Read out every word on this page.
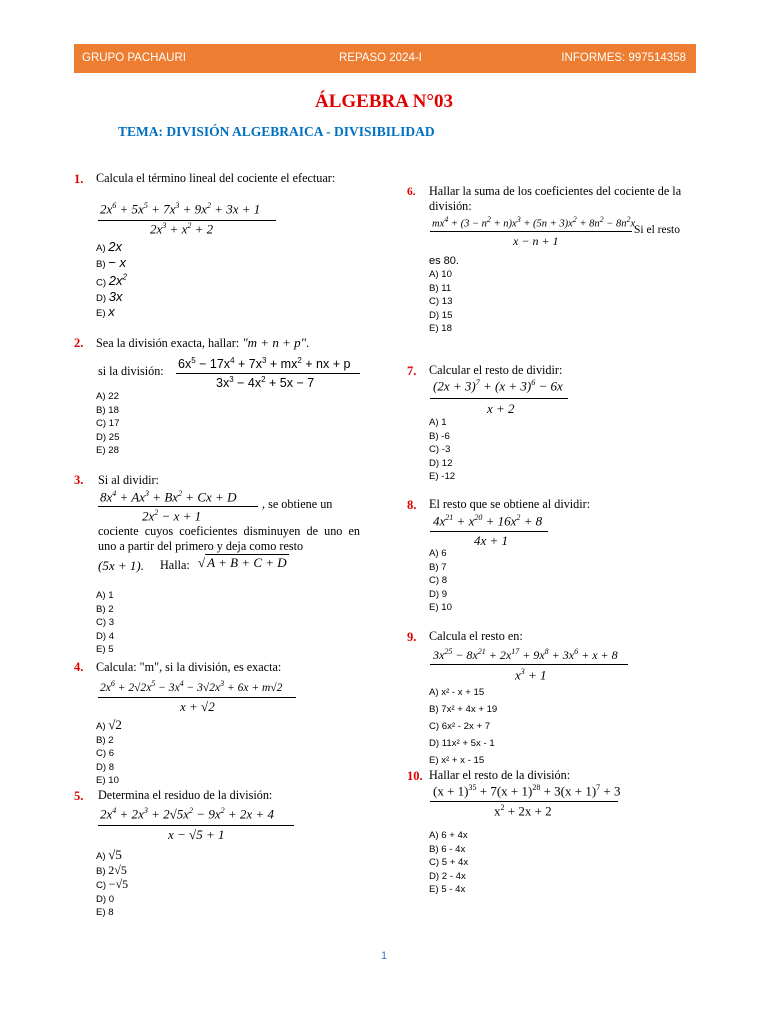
GRUPO PACHAURI	REPASO 2024-I	INFORMES: 997514358
ÁLGEBRA N°03
TEMA: DIVISIÓN ALGEBRAICA - DIVISIBILIDAD
1. Calcula el término lineal del cociente el efectuar:
$2x^6 + 5x^5 + 7x^3 + 9x^2 + 3x + 1$
$2x^3 + x^2 + 2$
A) 2x
B) − x
C) $2x^2$
D) 3x
E) x
2. Sea la división exacta, hallar: "m + n + p".
si la división: $6x^5 - 17x^4 + 7x^3 + mx^2$ + nx + p
$3x^3 - 4x^2 + 5x - 7$
A) 22
B) 18
C) 17
D) 25
E) 28
3. Si al dividir:
$8x^4 + Ax^3 + Bx^2 + Cx + D$
$2x^2 - x + 1$
, se obtiene un
cociente cuyos coeficientes disminuyen de uno en uno a partir del primero y deja como resto
(5x + 1). Halla: √ A + B + C + D
A) 1
B) 2
C) 3
D) 4
E) 5
4. Calcula: "m", si la división, es exacta:
$2x^6 + 2√2x^5 - 3x^4 - 3√2x^3 + 6x + m√2$
x + √2
A) √2
B) 2
C) 6
D) 8
E) 10
5. Determina el residuo de la división:
$2x^4 + 2x^3 + 2√5x^2 - 9x^2 + 2x + 4$
x − √5 + 1
A) √5
B) 2√5
C) −√5
D) 0
E) 8
6. Hallar la suma de los coeficientes del cociente de la división:
$mx^4 + (3 - n^2 + n)x^3 + (5n + 3)x^2 + 8n^2 - 8n^2x$
x − n + 1
Si el resto
es 80.
A) 10
B) 11
C) 13
D) 15
E) 18
7. Calcular el resto de dividir:
$(2x + 3)^7 + (x + 3)^6 - 6x$
x + 2
A) 1
B) -6
C) -3
D) 12
E) -12
8. El resto que se obtiene al dividir:
$4x^{21} + x^{20} + 16x^2 + 8$
4x + 1
A) 6
B) 7
C) 8
D) 9
E) 10
9. Calcula el resto en:
$3x^{25} - 8x^{21} + 2x^{17} + 9x^8 + 3x^6 + x + 8$
$x^3 + 1$
A) x² - x + 15
B) 7x² + 4x + 19
C) 6x² - 2x + 7
D) 11x² + 5x - 1
E) x² + x - 15
10. Hallar el resto de la división:
$(x + 1)^{35} + 7(x + 1)^{28} + 3(x + 1)^7 + 3$
$x^2 + 2x + 2$
A) 6 + 4x
B) 6 - 4x
C) 5 + 4x
D) 2 - 4x
E) 5 - 4x
1
